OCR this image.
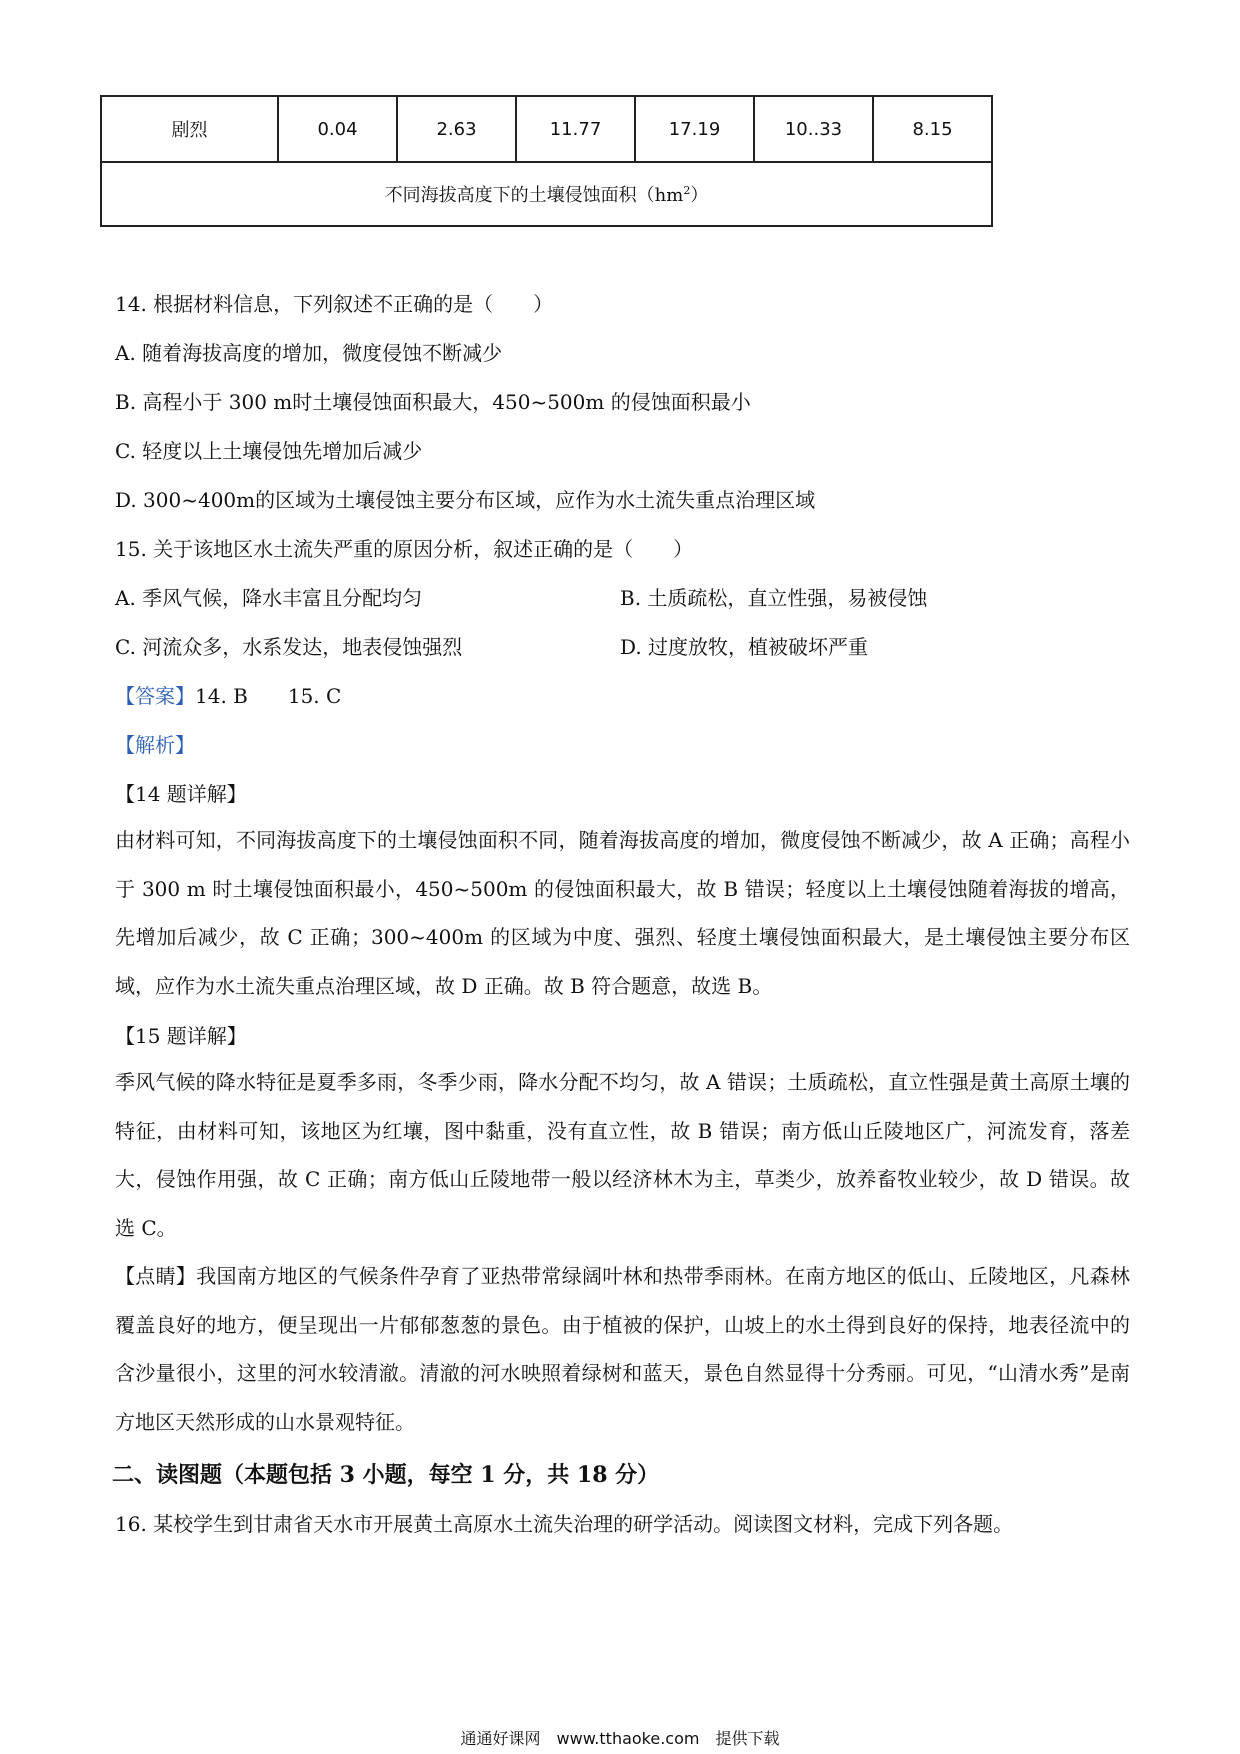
剧烈	0.04	2.63	11.77	17.19	10..33	8.15
不同海拔高度下的土壤侵蚀面积$(hm^2)$
14. 根据材料信息，下列叙述不正确的是（　　）
A. 随着海拔高度的增加，微度侵蚀不断减少
B. 高程小于 300 m时土壤侵蚀面积最大，450~500m 的侵蚀面积最小
C. 轻度以上土壤侵蚀先增加后减少
D. 300~400m的区域为土壤侵蚀主要分布区域，应作为水土流失重点治理区域
15. 关于该地区水土流失严重的原因分析，叙述正确的是（　　）
A. 季风气候，降水丰富且分配均匀	B. 土质疏松，直立性强，易被侵蚀
C. 河流众多，水系发达，地表侵蚀强烈	D. 过度放牧，植被破坏严重
【答案】14. B　　15. C
【解析】
【14 题详解】
由材料可知，不同海拔高度下的土壤侵蚀面积不同，随着海拔高度的增加，微度侵蚀不断减少，故 A 正确；高程小于 300 m 时土壤侵蚀面积最小，450~500m 的侵蚀面积最大，故 B 错误；轻度以上土壤侵蚀随着海拔的增高，先增加后减少，故 C 正确；300~400m 的区域为中度、强烈、轻度土壤侵蚀面积最大，是土壤侵蚀主要分布区域，应作为水土流失重点治理区域，故 D 正确。故 B 符合题意，故选 B。
【15 题详解】
季风气候的降水特征是夏季多雨，冬季少雨，降水分配不均匀，故 A 错误；土质疏松，直立性强是黄土高原土壤的特征，由材料可知，该地区为红壤，图中黏重，没有直立性，故 B 错误；南方低山丘陵地区广，河流发育，落差大，侵蚀作用强，故 C 正确；南方低山丘陵地带一般以经济林木为主，草类少，放养畜牧业较少，故 D 错误。故选 C。
【点睛】我国南方地区的气候条件孕育了亚热带常绿阔叶林和热带季雨林。在南方地区的低山、丘陵地区，凡森林覆盖良好的地方，便呈现出一片郁郁葱葱的景色。由于植被的保护，山坡上的水土得到良好的保持，地表径流中的含沙量很小，这里的河水较清澈。清澈的河水映照着绿树和蓝天，景色自然显得十分秀丽。可见，“山清水秀”是南方地区天然形成的山水景观特征。
二、读图题（本题包括 3 小题，每空 1 分，共 18 分）
16. 某校学生到甘肃省天水市开展黄土高原水土流失治理的研学活动。阅读图文材料，完成下列各题。
通通好课网　www.tthaoke.com　提供下载
